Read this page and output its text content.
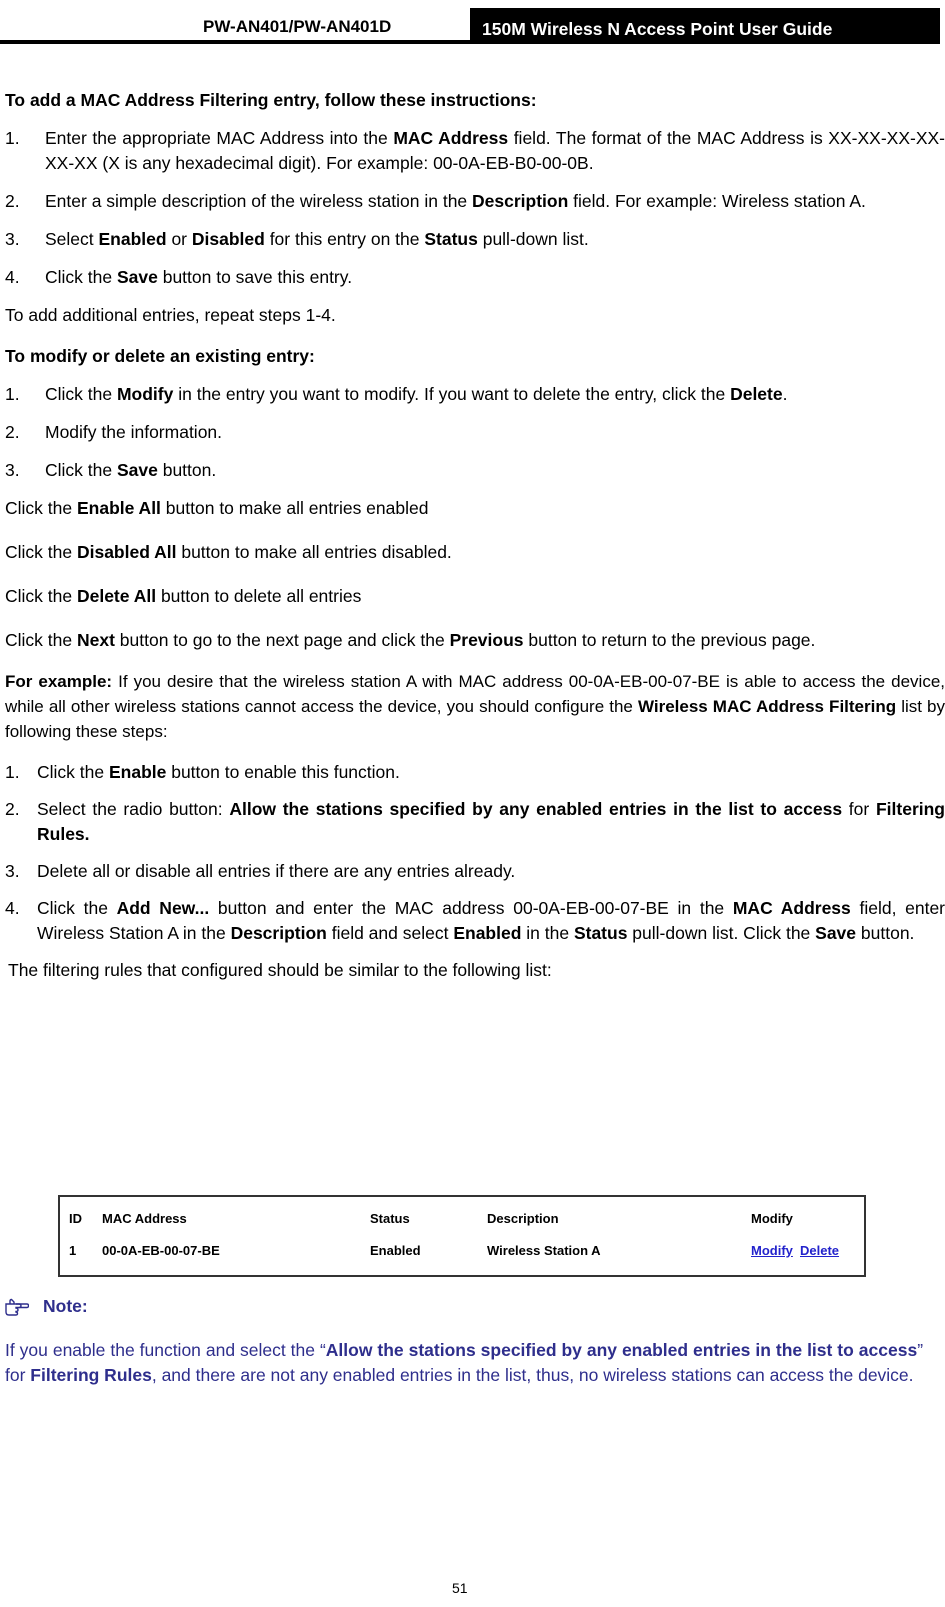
PW-AN401/PW-AN401D	150M Wireless N Access Point User Guide

To add a MAC Address Filtering entry, follow these instructions:

1.	Enter the appropriate MAC Address into the MAC Address field. The format of the MAC Address is XX-XX-XX-XX-XX-XX (X is any hexadecimal digit). For example: 00-0A-EB-B0-00-0B.
2.	Enter a simple description of the wireless station in the Description field. For example: Wireless station A.
3.	Select Enabled or Disabled for this entry on the Status pull-down list.
4.	Click the Save button to save this entry.

To add additional entries, repeat steps 1-4.

To modify or delete an existing entry:

1.	Click the Modify in the entry you want to modify. If you want to delete the entry, click the Delete.
2.	Modify the information.
3.	Click the Save button.

Click the Enable All button to make all entries enabled

Click the Disabled All button to make all entries disabled.

Click the Delete All button to delete all entries

Click the Next button to go to the next page and click the Previous button to return to the previous page.

For example: If you desire that the wireless station A with MAC address 00-0A-EB-00-07-BE is able to access the device, while all other wireless stations cannot access the device, you should configure the Wireless MAC Address Filtering list by following these steps:

1. Click the Enable button to enable this function.
2. Select the radio button: Allow the stations specified by any enabled entries in the list to access for Filtering Rules.
3. Delete all or disable all entries if there are any entries already.
4. Click the Add New... button and enter the MAC address 00-0A-EB-00-07-BE in the MAC Address field, enter Wireless Station A in the Description field and select Enabled in the Status pull-down list. Click the Save button.

The filtering rules that configured should be similar to the following list:

ID MAC Address	Status	Description	Modify
1 00-0A-EB-00-07-BE	Enabled	Wireless Station A	Modify Delete
Note:

If you enable the function and select the “Allow the stations specified by any enabled entries in the list to access” for Filtering Rules, and there are not any enabled entries in the list, thus, no wireless stations can access the device.

51
